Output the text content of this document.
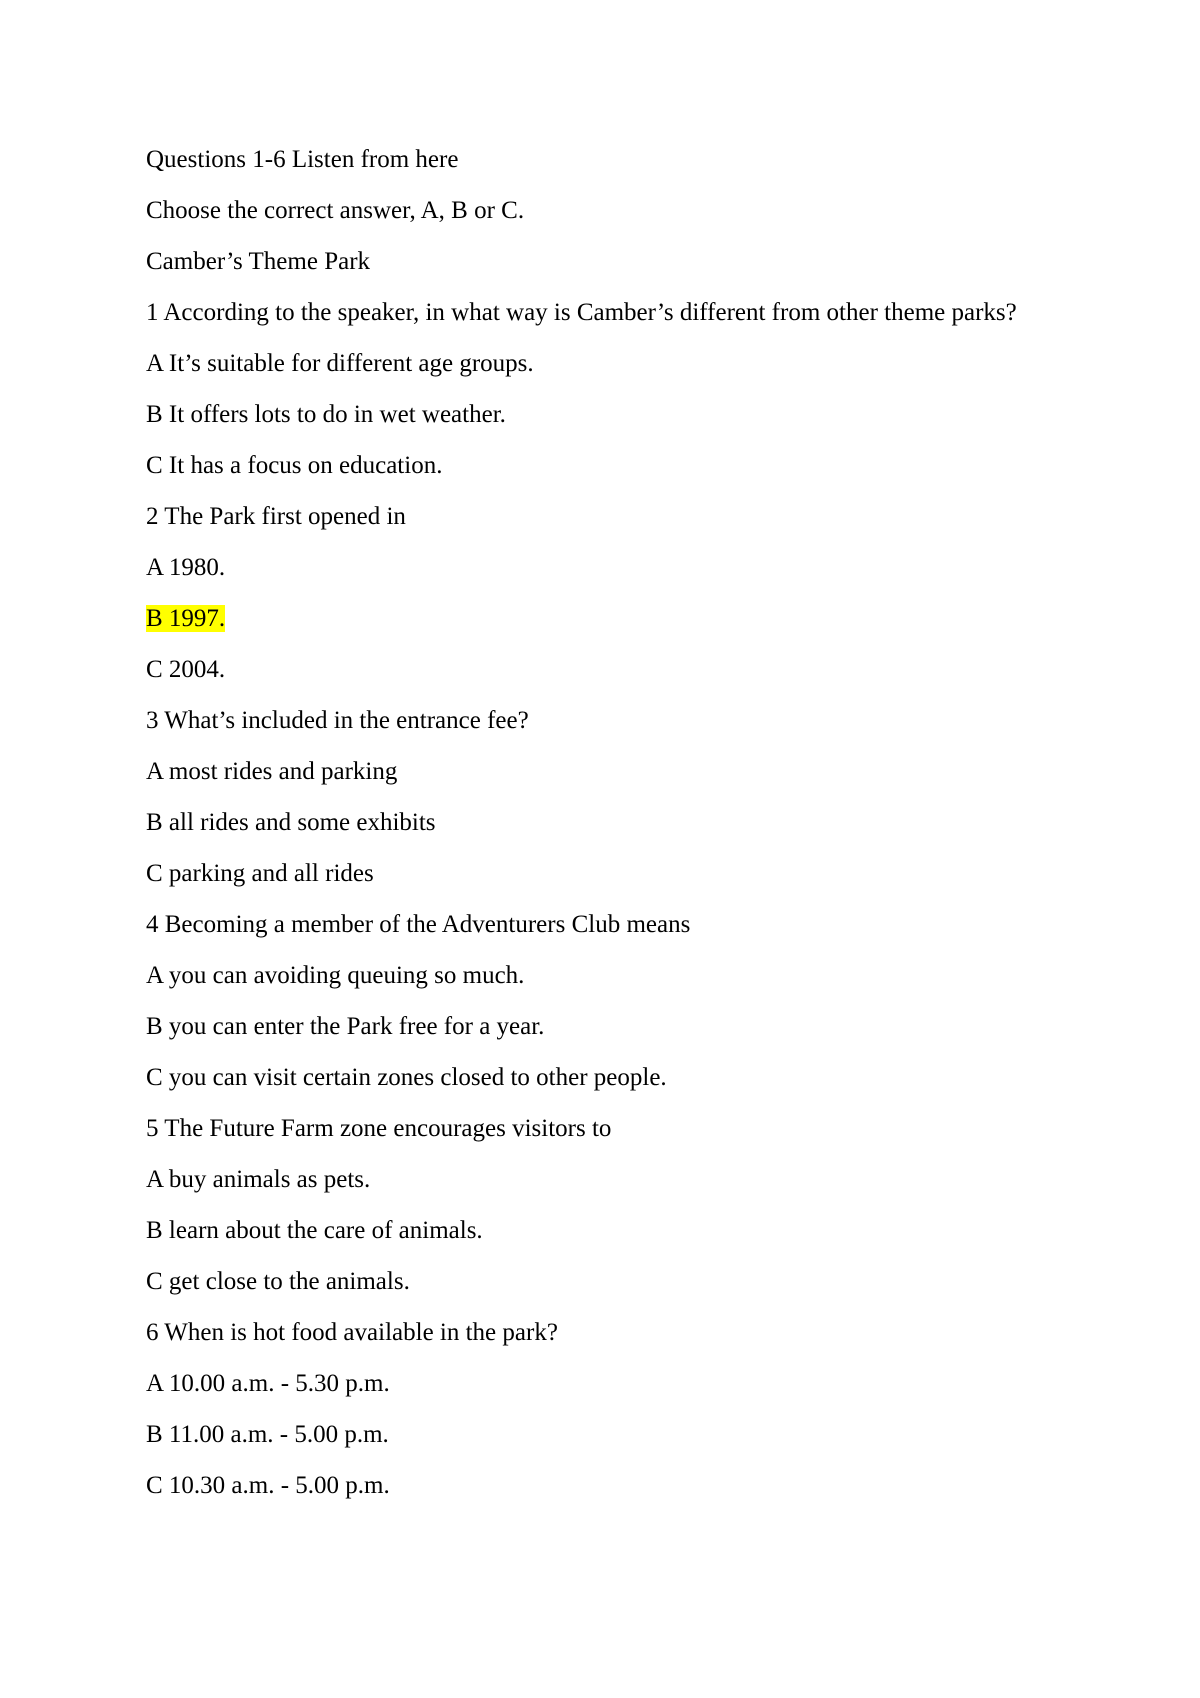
Questions 1-6 Listen from here
Choose the correct answer, A, B or C.
Camber’s Theme Park
1 According to the speaker, in what way is Camber’s different from other theme parks?
A It’s suitable for different age groups.
B It offers lots to do in wet weather.
C It has a focus on education.
2 The Park first opened in
A 1980.
B 1997.
C 2004.
3 What’s included in the entrance fee?
A most rides and parking
B all rides and some exhibits
C parking and all rides
4 Becoming a member of the Adventurers Club means
A you can avoiding queuing so much.
B you can enter the Park free for a year.
C you can visit certain zones closed to other people.
5 The Future Farm zone encourages visitors to
A buy animals as pets.
B learn about the care of animals.
C get close to the animals.
6 When is hot food available in the park?
A 10.00 a.m. - 5.30 p.m.
B 11.00 a.m. - 5.00 p.m.
C 10.30 a.m. - 5.00 p.m.
